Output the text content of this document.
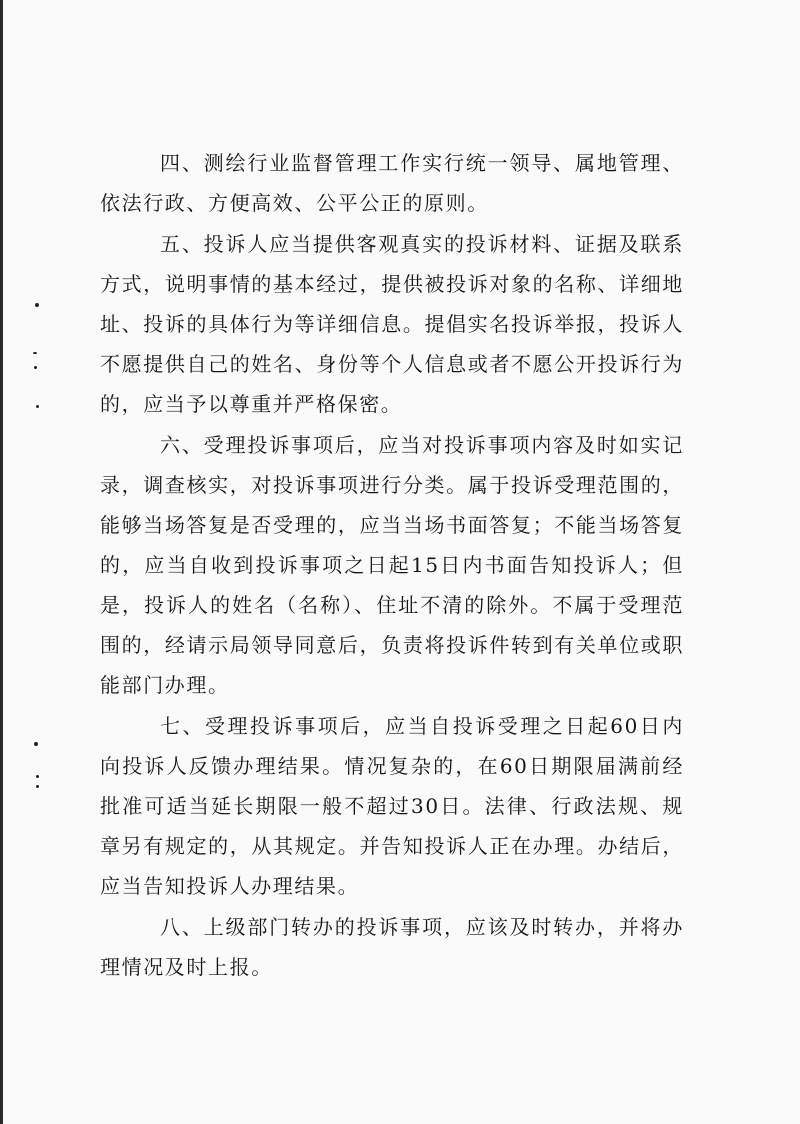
四、测绘行业监督管理工作实行统一领导、属地管理、依法行政、方便高效、公平公正的原则。

五、投诉人应当提供客观真实的投诉材料、证据及联系方式，说明事情的基本经过，提供被投诉对象的名称、详细地址、投诉的具体行为等详细信息。提倡实名投诉举报，投诉人不愿提供自己的姓名、身份等个人信息或者不愿公开投诉行为的，应当予以尊重并严格保密。

六、受理投诉事项后，应当对投诉事项内容及时如实记录，调查核实，对投诉事项进行分类。属于投诉受理范围的，能够当场答复是否受理的，应当当场书面答复；不能当场答复的，应当自收到投诉事项之日起15日内书面告知投诉人；但是，投诉人的姓名（名称）、住址不清的除外。不属于受理范围的，经请示局领导同意后，负责将投诉件转到有关单位或职能部门办理。

七、受理投诉事项后，应当自投诉受理之日起60日内向投诉人反馈办理结果。情况复杂的，在60日期限届满前经批准可适当延长期限一般不超过30日。法律、行政法规、规章另有规定的，从其规定。并告知投诉人正在办理。办结后，应当告知投诉人办理结果。

八、上级部门转办的投诉事项，应该及时转办，并将办理情况及时上报。
